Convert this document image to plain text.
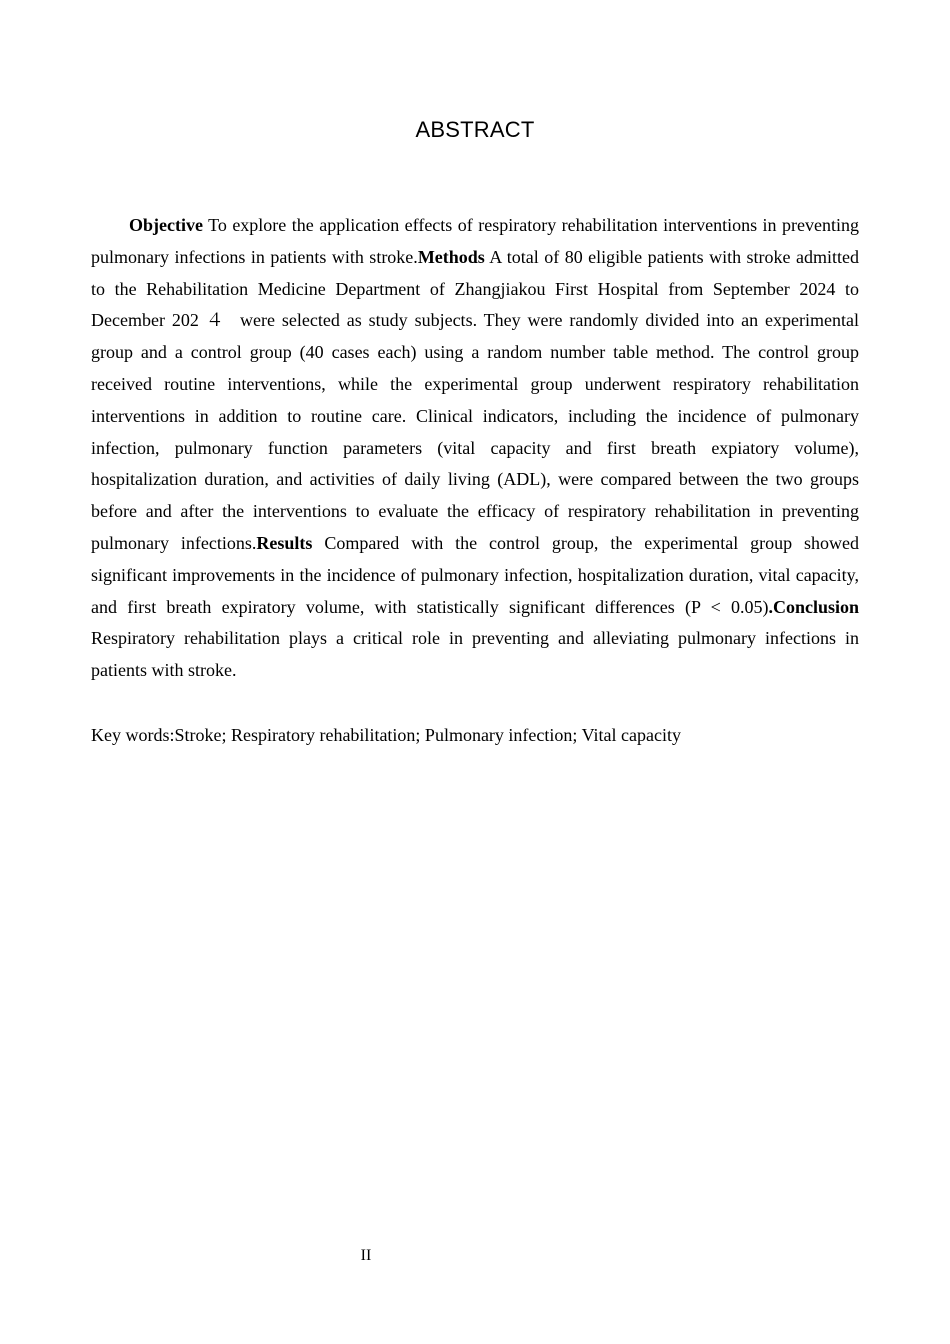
ABSTRACT

Objective To explore the application effects of respiratory rehabilitation interventions in preventing pulmonary infections in patients with stroke.Methods A total of 80 eligible patients with stroke admitted to the Rehabilitation Medicine Department of Zhangjiakou First Hospital from September 2024 to December 202 ４  were selected as study subjects. They were randomly divided into an experimental group and a control group (40 cases each) using a random number table method. The control group received routine interventions, while the experimental group underwent respiratory rehabilitation interventions in addition to routine care. Clinical indicators, including the incidence of pulmonary infection, pulmonary function parameters (vital capacity and first breath expiatory volume), hospitalization duration, and activities of daily living (ADL), were compared between the two groups before and after the interventions to evaluate the efficacy of respiratory rehabilitation in preventing pulmonary infections.Results Compared with the control group, the experimental group showed significant improvements in the incidence of pulmonary infection, hospitalization duration, vital capacity, and first breath expiratory volume, with statistically significant differences (P < 0.05).Conclusion Respiratory rehabilitation plays a critical role in preventing and alleviating pulmonary infections in patients with stroke.

Key words:Stroke; Respiratory rehabilitation; Pulmonary infection; Vital capacity

II
